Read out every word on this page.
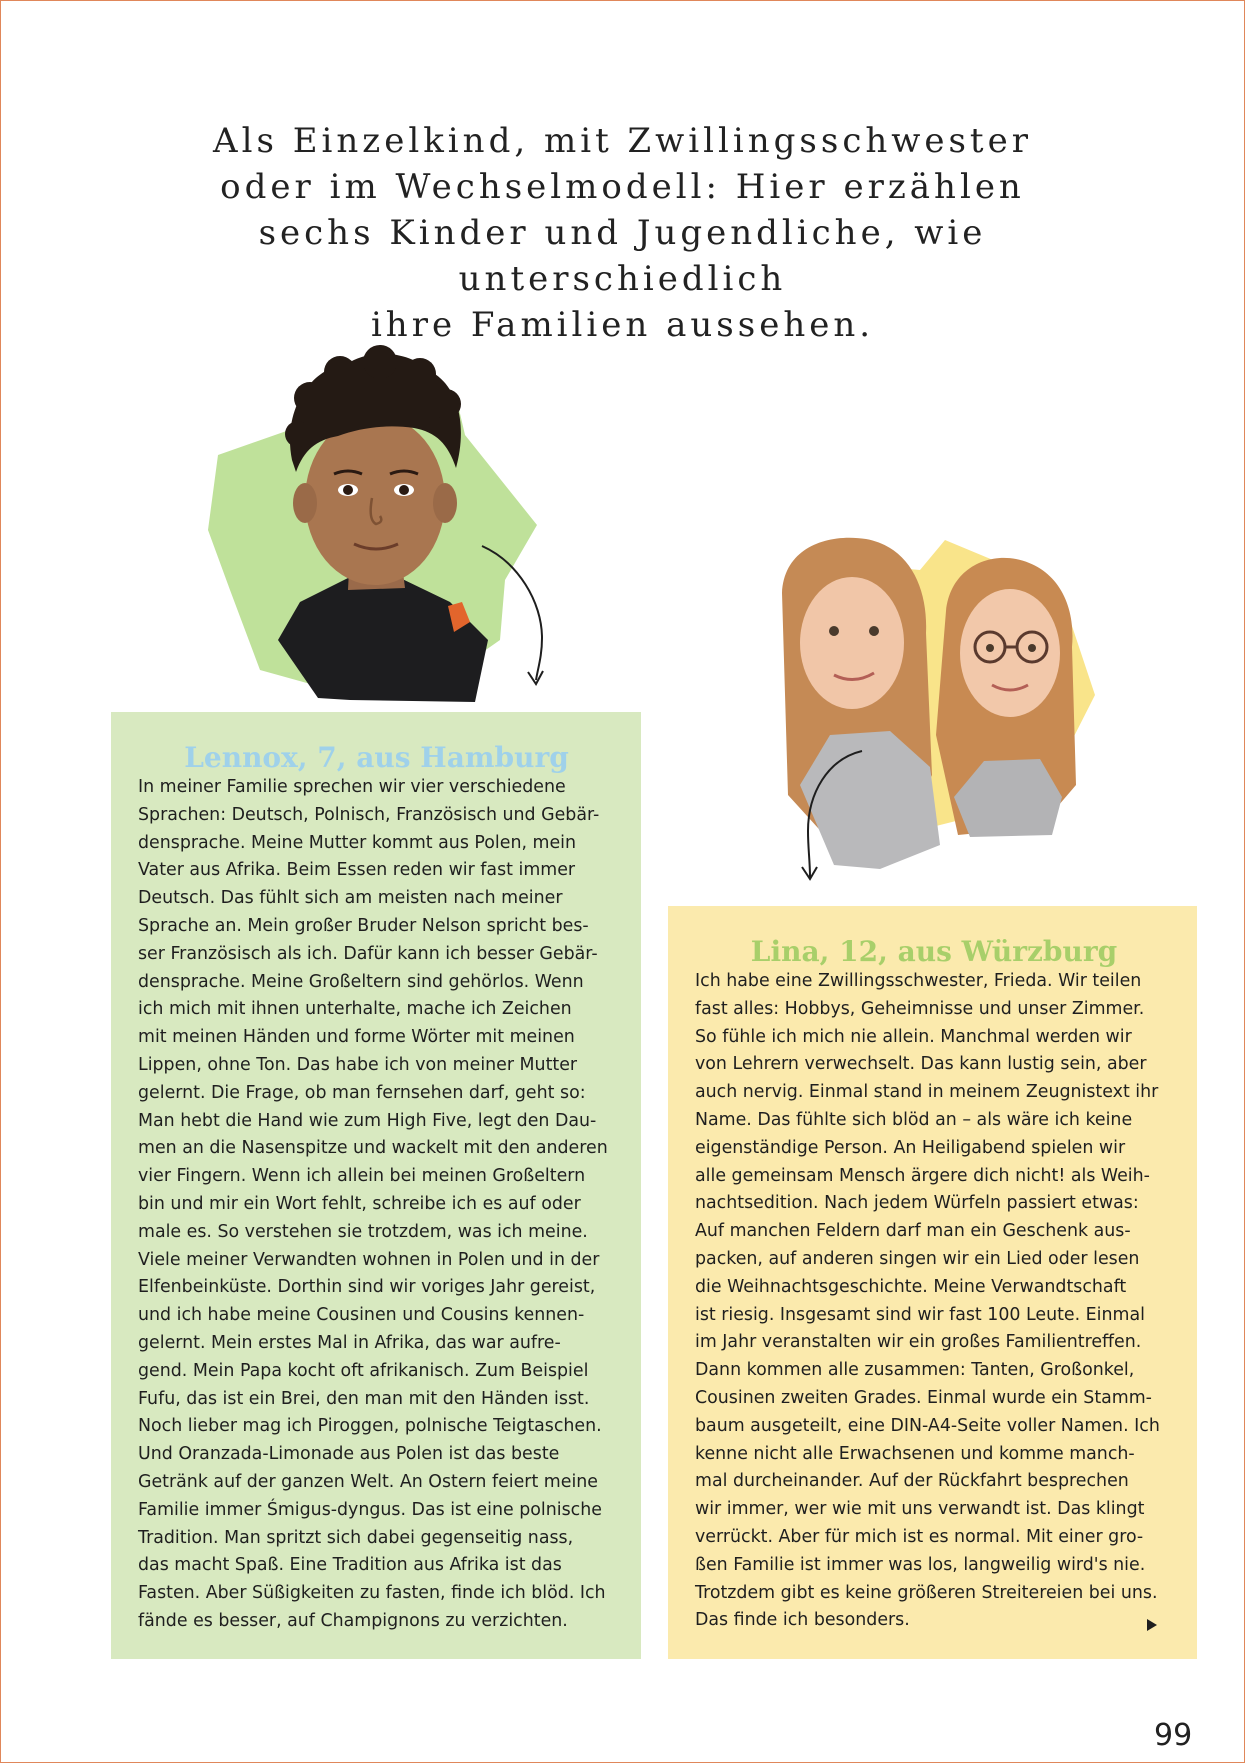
Als Einzelkind, mit Zwillingsschwester
oder im Wechselmodell: Hier erzählen
sechs Kinder und Jugendliche, wie unterschiedlich
ihre Familien aussehen.
Lennox, 7, aus Hamburg

In meiner Familie sprechen wir vier verschiedene
Sprachen: Deutsch, Polnisch, Französisch und Gebär-
densprache. Meine Mutter kommt aus Polen, mein
Vater aus Afrika. Beim Essen reden wir fast immer
Deutsch. Das fühlt sich am meisten nach meiner
Sprache an. Mein großer Bruder Nelson spricht bes-
ser Französisch als ich. Dafür kann ich besser Gebär-
densprache. Meine Großeltern sind gehörlos. Wenn
ich mich mit ihnen unterhalte, mache ich Zeichen
mit meinen Händen und forme Wörter mit meinen
Lippen, ohne Ton. Das habe ich von meiner Mutter
gelernt. Die Frage, ob man fernsehen darf, geht so:
Man hebt die Hand wie zum High Five, legt den Dau-
men an die Nasenspitze und wackelt mit den anderen
vier Fingern. Wenn ich allein bei meinen Großeltern
bin und mir ein Wort fehlt, schreibe ich es auf oder
male es. So verstehen sie trotzdem, was ich meine.
Viele meiner Verwandten wohnen in Polen und in der
Elfenbeinküste. Dorthin sind wir voriges Jahr gereist,
und ich habe meine Cousinen und Cousins kennen-
gelernt. Mein erstes Mal in Afrika, das war aufre-
gend. Mein Papa kocht oft afrikanisch. Zum Beispiel
Fufu, das ist ein Brei, den man mit den Händen isst.
Noch lieber mag ich Piroggen, polnische Teigtaschen.
Und Oranzada-Limonade aus Polen ist das beste
Getränk auf der ganzen Welt. An Ostern feiert meine
Familie immer Śmigus-dyngus. Das ist eine polnische
Tradition. Man spritzt sich dabei gegenseitig nass,
das macht Spaß. Eine Tradition aus Afrika ist das
Fasten. Aber Süßigkeiten zu fasten, finde ich blöd. Ich
fände es besser, auf Champignons zu verzichten.

Lina, 12, aus Würzburg

Ich habe eine Zwillingsschwester, Frieda. Wir teilen
fast alles: Hobbys, Geheimnisse und unser Zimmer.
So fühle ich mich nie allein. Manchmal werden wir
von Lehrern verwechselt. Das kann lustig sein, aber
auch nervig. Einmal stand in meinem Zeugnistext ihr
Name. Das fühlte sich blöd an – als wäre ich keine
eigenständige Person. An Heiligabend spielen wir
alle gemeinsam Mensch ärgere dich nicht! als Weih-
nachtsedition. Nach jedem Würfeln passiert etwas:
Auf manchen Feldern darf man ein Geschenk aus-
packen, auf anderen singen wir ein Lied oder lesen
die Weihnachtsgeschichte. Meine Verwandtschaft
ist riesig. Insgesamt sind wir fast 100 Leute. Einmal
im Jahr veranstalten wir ein großes Familientreffen.
Dann kommen alle zusammen: Tanten, Großonkel,
Cousinen zweiten Grades. Einmal wurde ein Stamm-
baum ausgeteilt, eine DIN-A4-Seite voller Namen. Ich
kenne nicht alle Erwachsenen und komme manch-
mal durcheinander. Auf der Rückfahrt besprechen
wir immer, wer wie mit uns verwandt ist. Das klingt
verrückt. Aber für mich ist es normal. Mit einer gro-
ßen Familie ist immer was los, langweilig wird's nie.
Trotzdem gibt es keine größeren Streitereien bei uns.
Das finde ich besonders.

99
